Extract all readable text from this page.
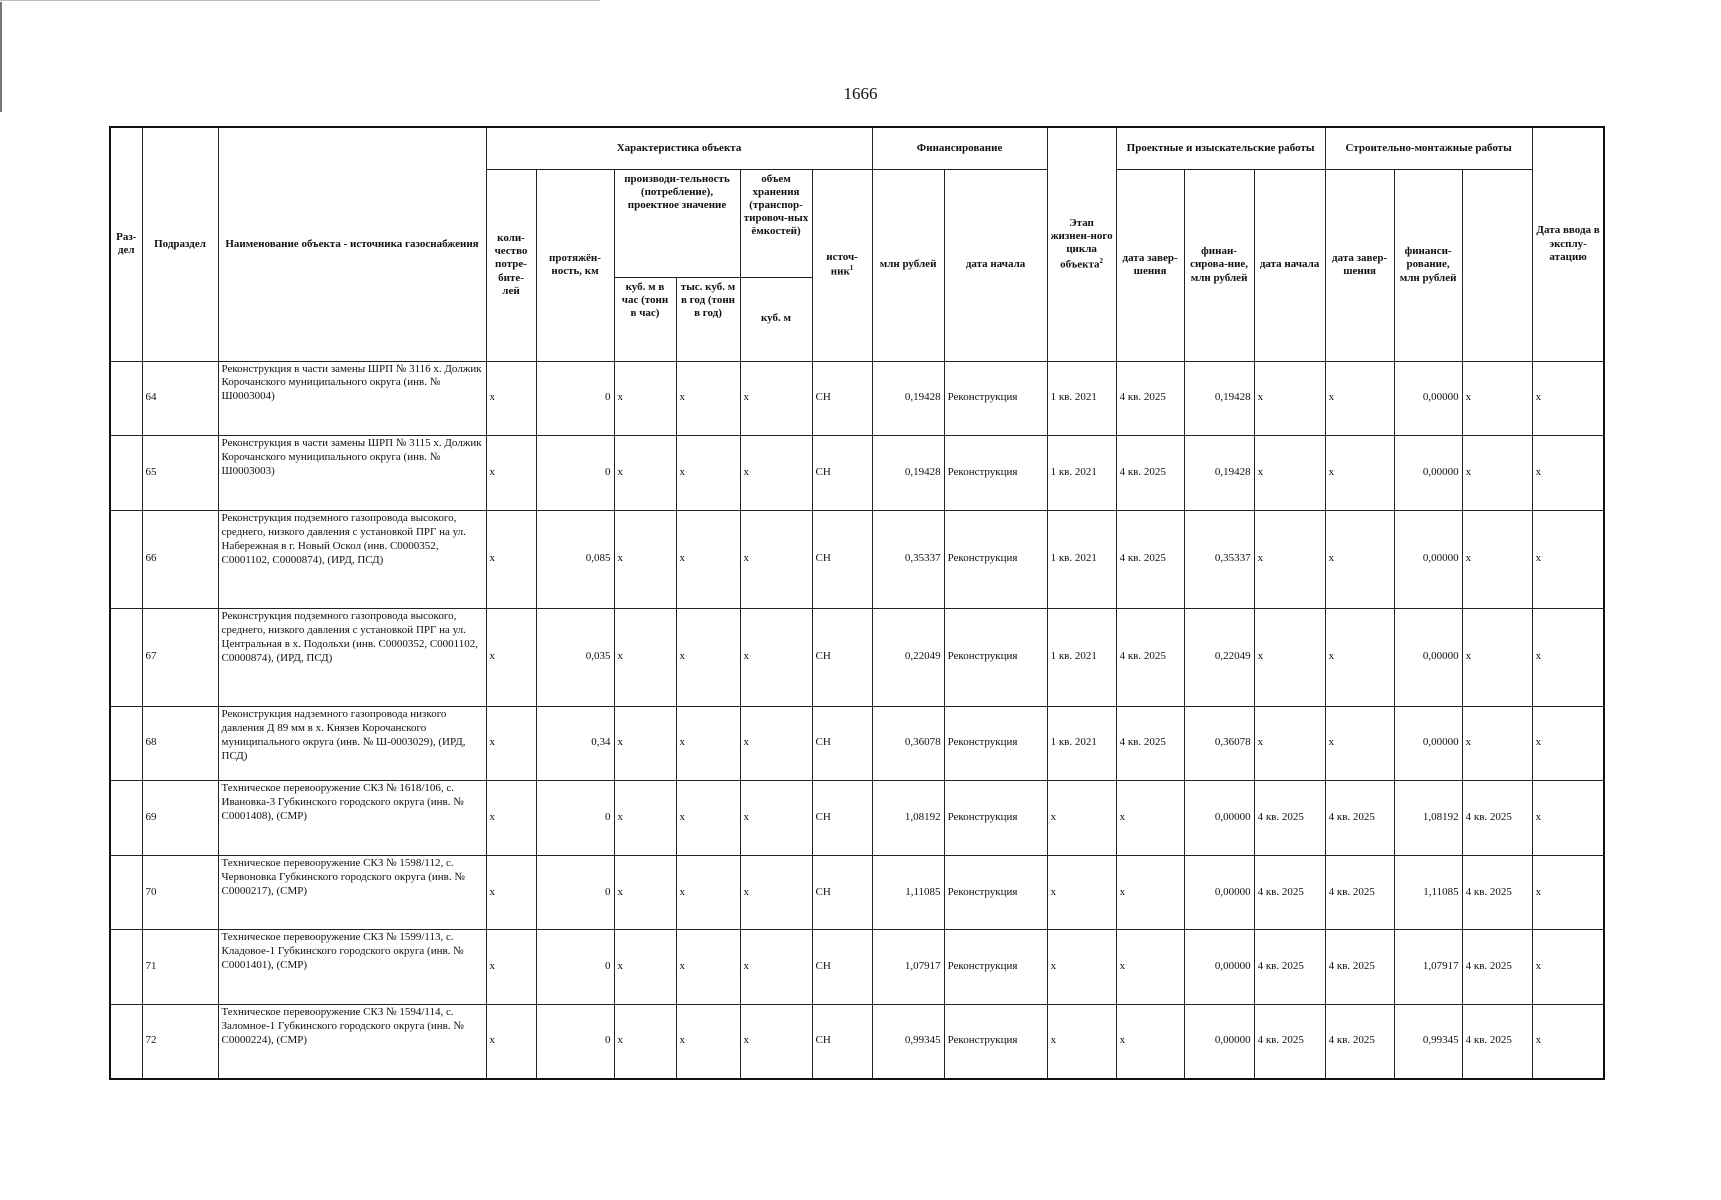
1666
Раз-дел	Подраздел	Наименование объекта - источника газоснабжения	Характеристика объекта						Финансирование		Этап жизнен-ного цикла объекта$^2$	Проектные и изыскательские работы			Строительно-монтажные работы			Дата ввода в эксплу-атацию	
			коли-чество потре-бите-лей	протяжён-ность, км	производи-тельность (потребление), проектное значение		объем хранения (транспор-тировоч-ных ёмкостей)	источ-ник$^1$	млн рублей	дата начала		дата завер-шения	финан-сирова-ние, млн рублей	дата начала	дата завер-шения	финанси-рование, млн рублей			
					куб. м в час (тонн в час)	тыс. куб. м в год (тонн в год)	куб. м												
	64	Реконструкция в части замены ШРП № 3116 х. Должик Корочанского муниципального округа (инв. № Ш0003004)	х	0	х	х	х	СН	0,19428	Реконструкция	1 кв. 2021	4 кв. 2025	0,19428	х	х	0,00000	х	х	
	65	Реконструкция в части замены ШРП № 3115 х. Должик Корочанского муниципального округа (инв. № Ш0003003)	х	0	х	х	х	СН	0,19428	Реконструкция	1 кв. 2021	4 кв. 2025	0,19428	х	х	0,00000	х	х	
	66	Реконструкция подземного газопровода высокого, среднего, низкого давления с установкой ПРГ на ул. Набережная в г. Новый Оскол (инв. С0000352, С0001102, С0000874), (ИРД, ПСД)	х	0,085	х	х	х	СН	0,35337	Реконструкция	1 кв. 2021	4 кв. 2025	0,35337	х	х	0,00000	х	х	
	67	Реконструкция подземного газопровода высокого, среднего, низкого давления с установкой ПРГ на ул. Центральная в х. Подольхи (инв. С0000352, С0001102, С0000874), (ИРД, ПСД)	х	0,035	х	х	х	СН	0,22049	Реконструкция	1 кв. 2021	4 кв. 2025	0,22049	х	х	0,00000	х	х	
	68	Реконструкция надземного газопровода низкого давления Д 89 мм в х. Князев Корочанского муниципального округа (инв. № Ш-0003029), (ИРД, ПСД)	х	0,34	х	х	х	СН	0,36078	Реконструкция	1 кв. 2021	4 кв. 2025	0,36078	х	х	0,00000	х	х	
	69	Техническое перевооружение СКЗ № 1618/106, с. Ивановка-3 Губкинского городского округа (инв. № С0001408), (СМР)	х	0	х	х	х	СН	1,08192	Реконструкция	х	х	0,00000	4 кв. 2025	4 кв. 2025	1,08192	4 кв. 2025	х	
	70	Техническое перевооружение СКЗ № 1598/112, с. Червоновка Губкинского городского округа (инв. № С0000217), (СМР)	х	0	х	х	х	СН	1,11085	Реконструкция	х	х	0,00000	4 кв. 2025	4 кв. 2025	1,11085	4 кв. 2025	х	
	71	Техническое перевооружение СКЗ № 1599/113, с. Кладовое-1 Губкинского городского округа (инв. № С0001401), (СМР)	х	0	х	х	х	СН	1,07917	Реконструкция	х	х	0,00000	4 кв. 2025	4 кв. 2025	1,07917	4 кв. 2025	х	
	72	Техническое перевооружение СКЗ № 1594/114, с. Заломное-1 Губкинского городского округа (инв. № С0000224), (СМР)	х	0	х	х	х	СН	0,99345	Реконструкция	х	х	0,00000	4 кв. 2025	4 кв. 2025	0,99345	4 кв. 2025	х	
